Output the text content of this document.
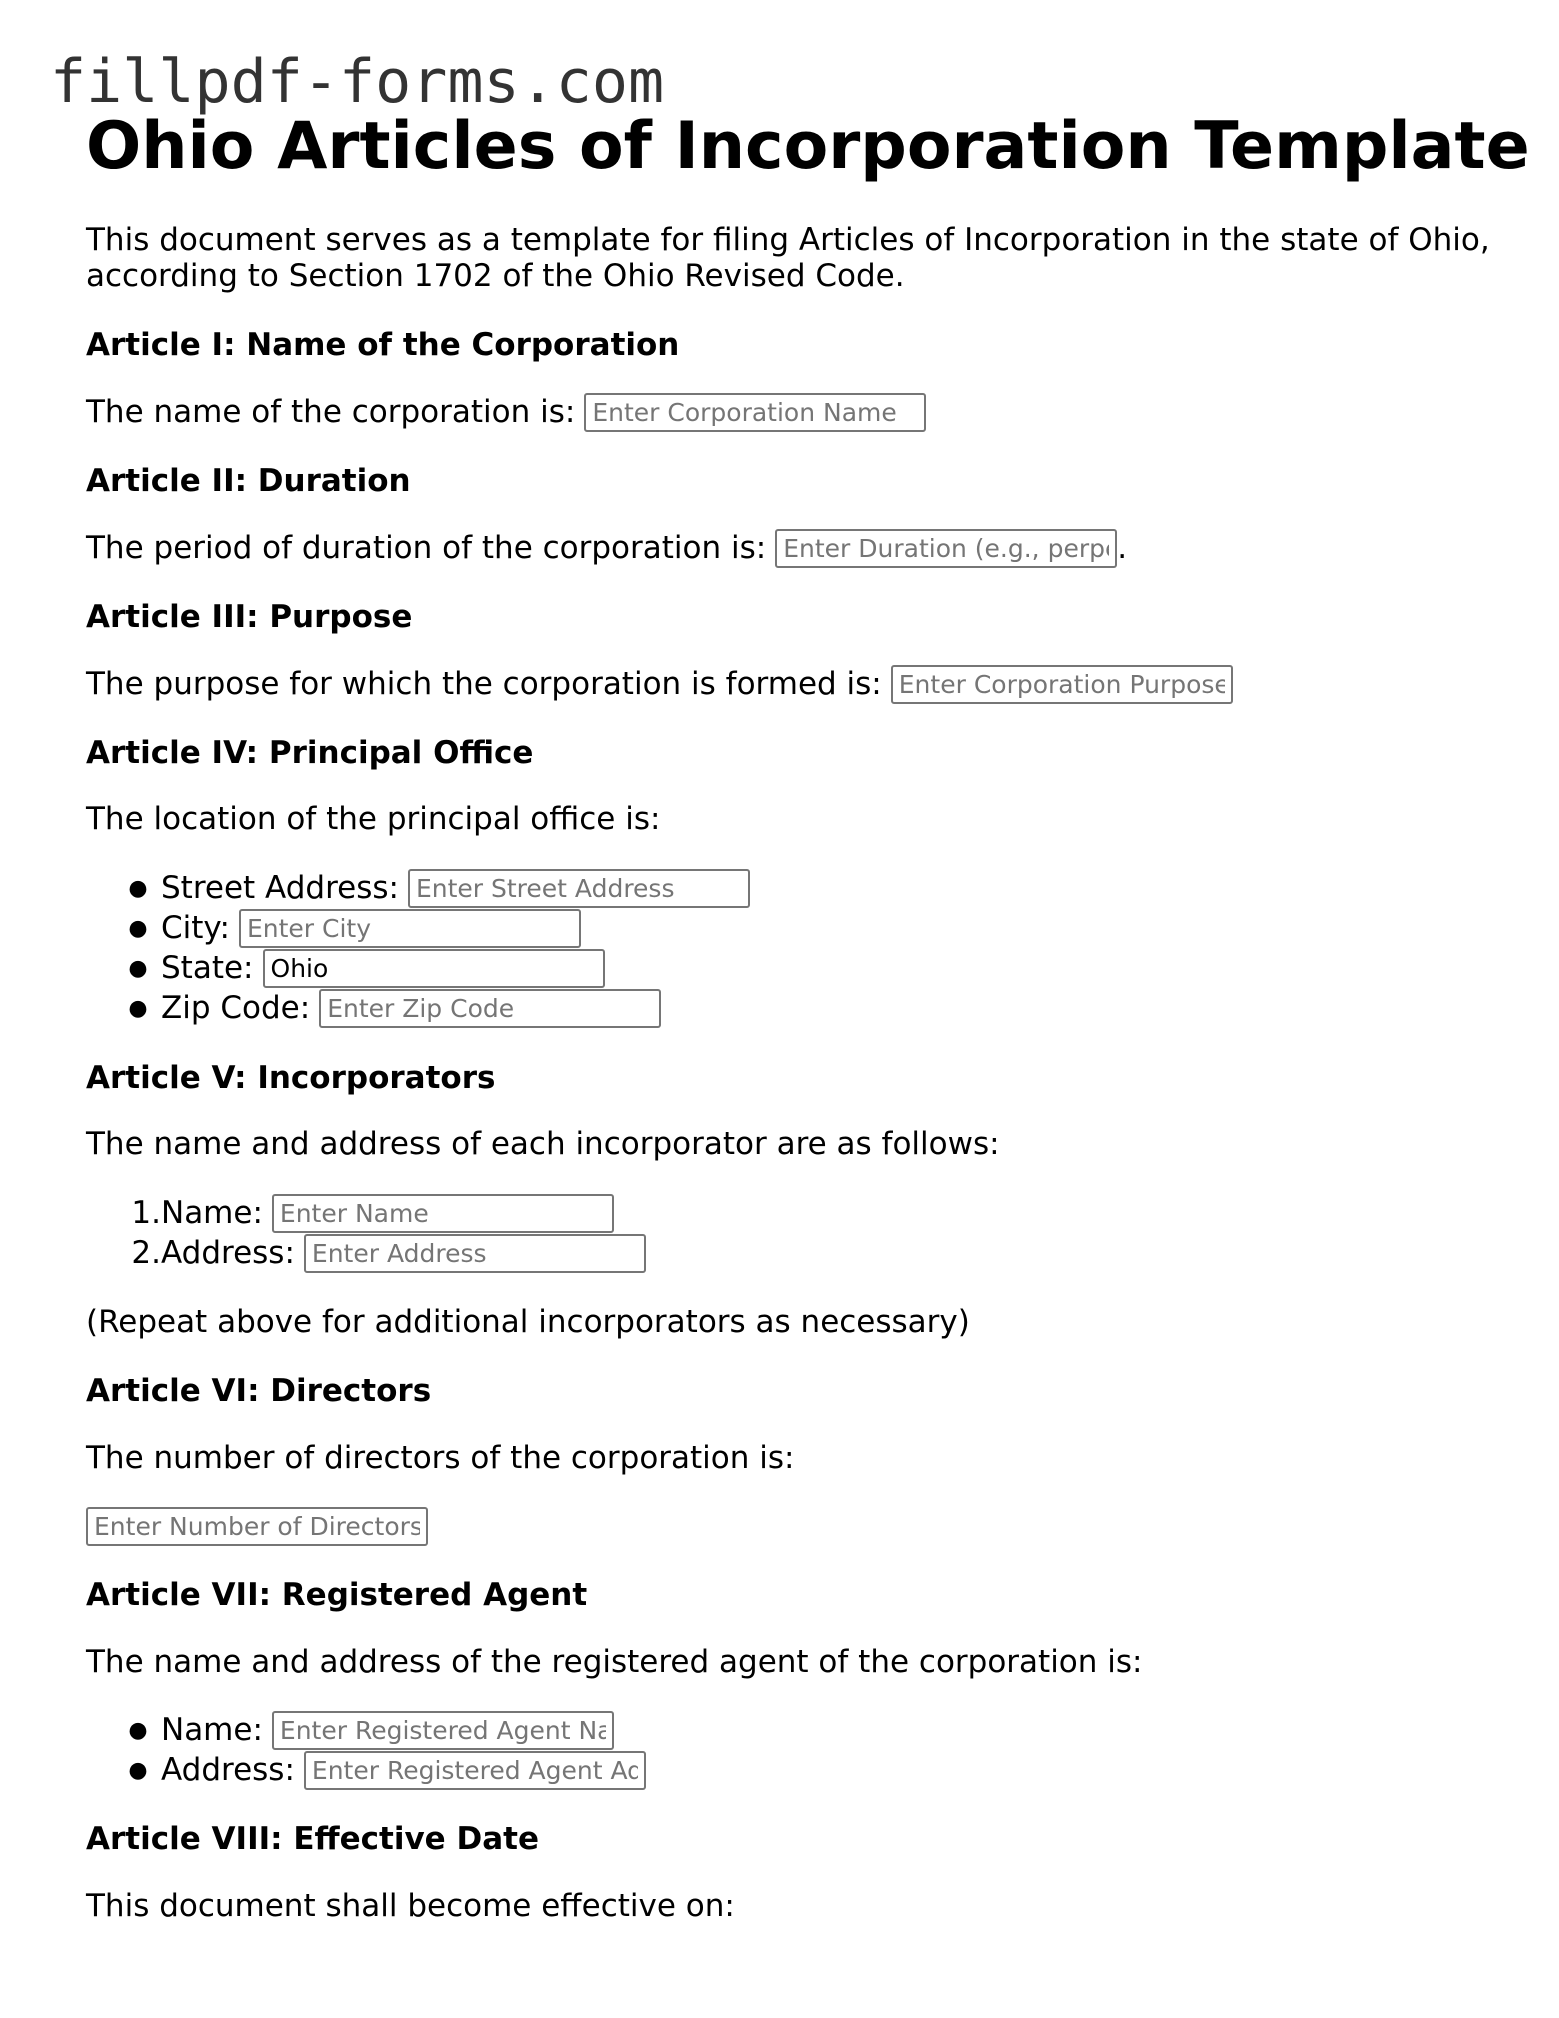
fillpdf-forms.com
Ohio Articles of Incorporation Template

This document serves as a template for filing Articles of Incorporation in the state of Ohio, according to Section 1702 of the Ohio Revised Code.

Article I: Name of the Corporation
The name of the corporation is:
Enter Corporation Name
Article II: Duration
The period of duration of the corporation is:
Enter Duration (e.g., perpetual)	.
Article III: Purpose
The purpose for which the corporation is formed is:
Enter Corporation Purpose
Article IV: Principal Office
The location of the principal office is:
● Street Address:
Enter Street Address
● City:
Enter City
● State:
Ohio
● Zip Code:
Enter Zip Code
Article V: Incorporators
The name and address of each incorporator are as follows:
1. Name:
Enter Name
2. Address:
Enter Address
(Repeat above for additional incorporators as necessary)
Article VI: Directors
The number of directors of the corporation is:
Enter Number of Directors
Article VII: Registered Agent
The name and address of the registered agent of the corporation is:
● Name:
Enter Registered Agent Name
● Address:
Enter Registered Agent Address
Article VIII: Effective Date
This document shall become effective on:
